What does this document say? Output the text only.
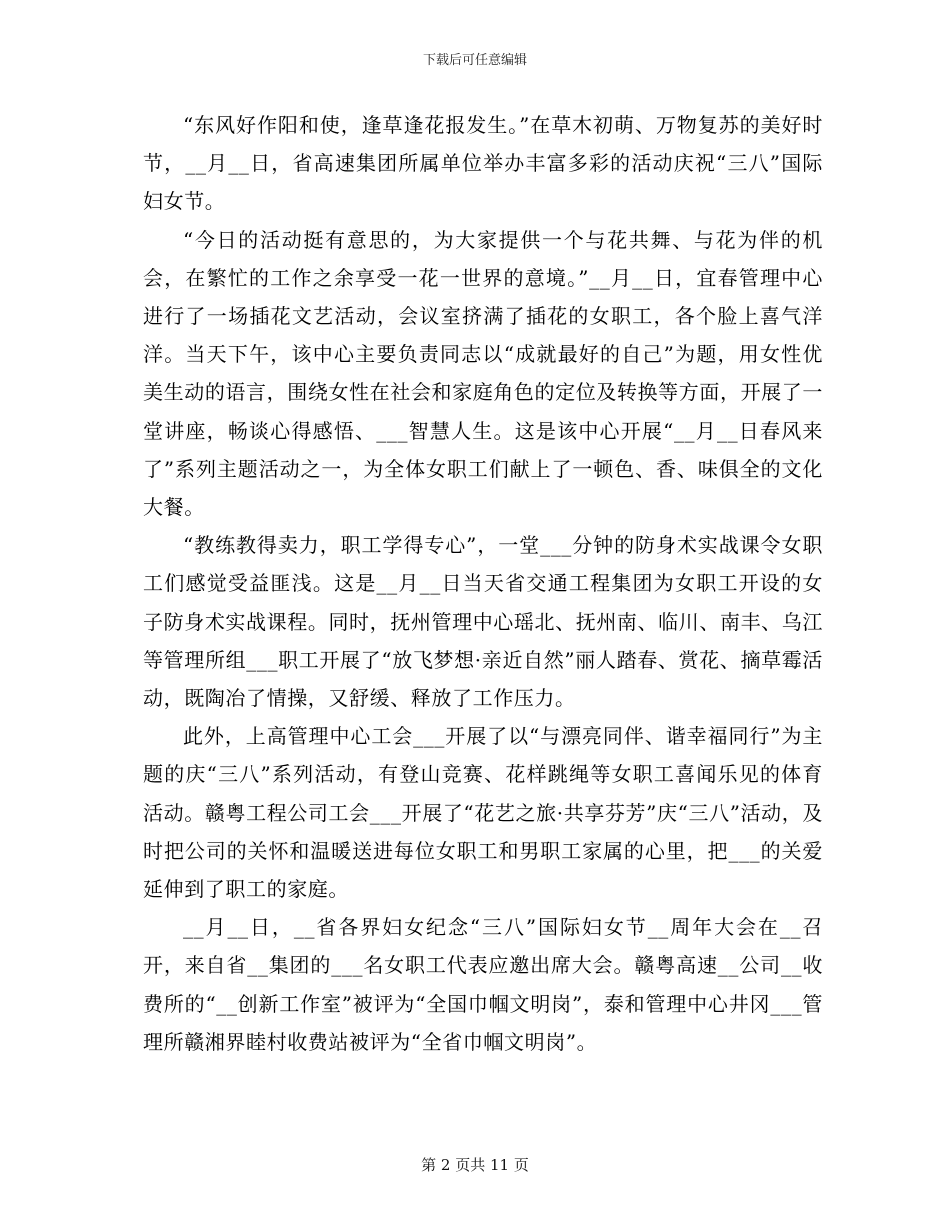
下载后可任意编辑

“东风好作阳和使，逢草逢花报发生。”在草木初萌、万物复苏的美好时节，__月__日，省高速集团所属单位举办丰富多彩的活动庆祝“三八”国际妇女节。

“今日的活动挺有意思的，为大家提供一个与花共舞、与花为伴的机会，在繁忙的工作之余享受一花一世界的意境。”__月__日，宜春管理中心进行了一场插花文艺活动，会议室挤满了插花的女职工，各个脸上喜气洋洋。当天下午，该中心主要负责同志以“成就最好的自己”为题，用女性优美生动的语言，围绕女性在社会和家庭角色的定位及转换等方面，开展了一堂讲座，畅谈心得感悟、___智慧人生。这是该中心开展“__月__日春风来了”系列主题活动之一，为全体女职工们献上了一顿色、香、味俱全的文化大餐。

“教练教得卖力，职工学得专心”，一堂___分钟的防身术实战课令女职工们感觉受益匪浅。这是__月__日当天省交通工程集团为女职工开设的女子防身术实战课程。同时，抚州管理中心瑶北、抚州南、临川、南丰、乌江等管理所组___职工开展了“放飞梦想·亲近自然”丽人踏春、赏花、摘草霉活动，既陶冶了情操，又舒缓、释放了工作压力。

此外，上高管理中心工会___开展了以“与漂亮同伴、谐幸福同行”为主题的庆“三八”系列活动，有登山竞赛、花样跳绳等女职工喜闻乐见的体育活动。赣粤工程公司工会___开展了“花艺之旅·共享芬芳”庆“三八”活动，及时把公司的关怀和温暖送进每位女职工和男职工家属的心里，把___的关爱延伸到了职工的家庭。

__月__日，__省各界妇女纪念“三八”国际妇女节__周年大会在__召开，来自省__集团的___名女职工代表应邀出席大会。赣粤高速__公司__收费所的“__创新工作室”被评为“全国巾帼文明岗”，泰和管理中心井冈___管理所赣湘界睦村收费站被评为“全省巾帼文明岗”。

第 2 页共 11 页
